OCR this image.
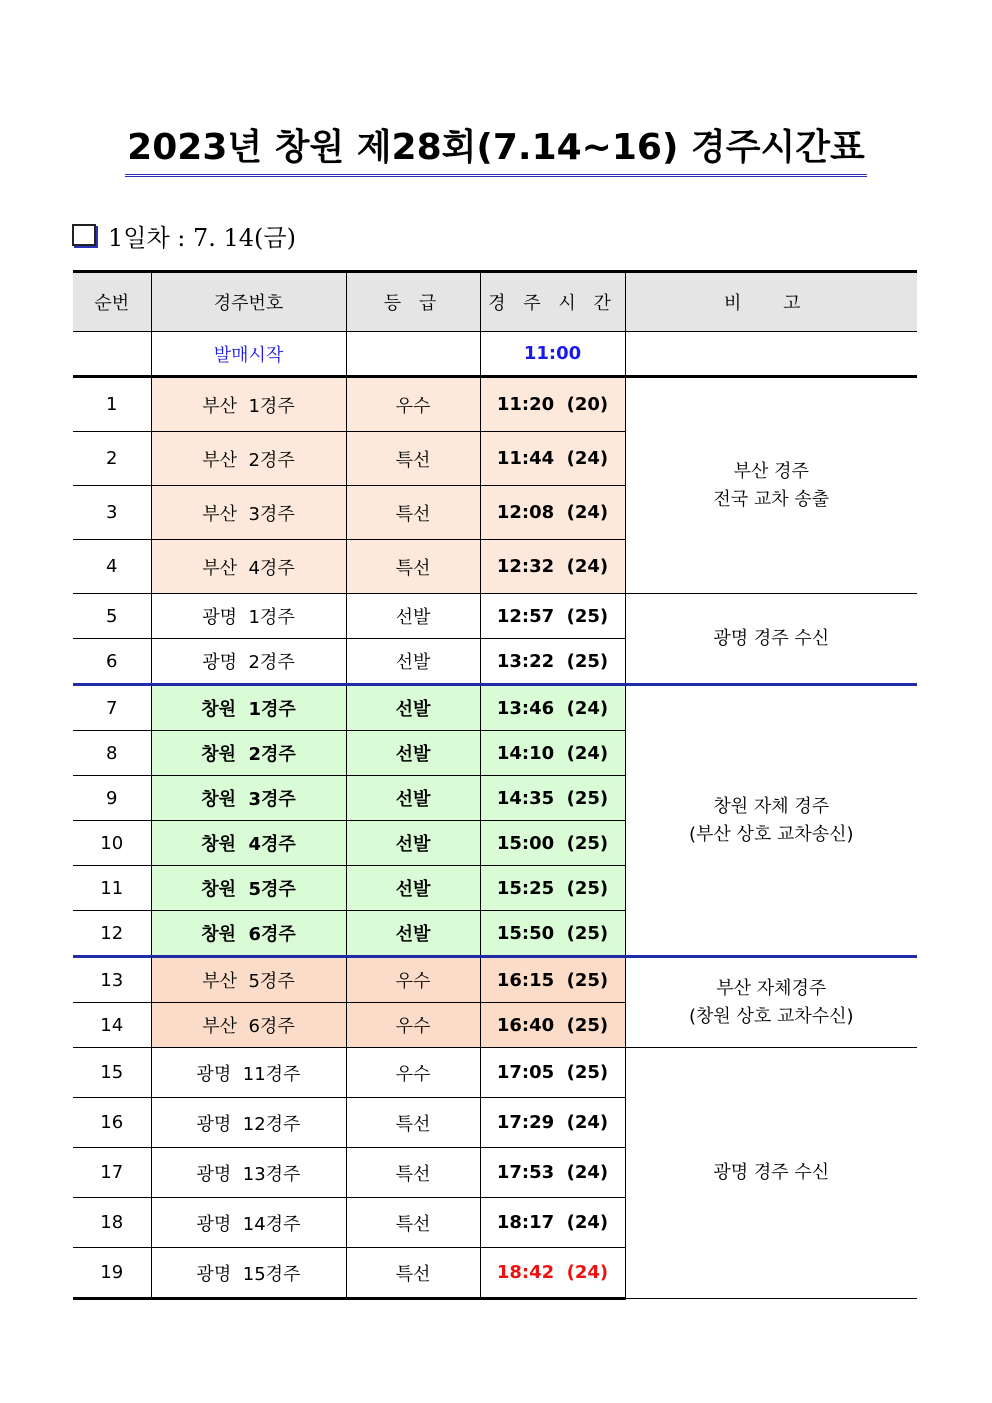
2023년 창원 제28회(7.14~16) 경주시간표
1일차 : 7. 14(금)
순번	경주번호	등 급	경 주 시 간	비 고
	발매시작		11:00	
1	부산  1경주	우수	11:20  (20)	부산 경주
전국 교차 송출

2	부산  2경주	특선	11:44  (24)	
3	부산  3경주	특선	12:08  (24)	
4	부산  4경주	특선	12:32  (24)	
5	광명  1경주	선발	12:57  (25)	광명 경주 수신
6	광명  2경주	선발	13:22  (25)	
7	창원  1경주	선발	13:46  (24)	창원 자체 경주
(부산 상호 교차송신)

8	창원  2경주	선발	14:10  (24)	
9	창원  3경주	선발	14:35  (25)	
10	창원  4경주	선발	15:00  (25)	
11	창원  5경주	선발	15:25  (25)	
12	창원  6경주	선발	15:50  (25)	
13	부산  5경주	우수	16:15  (25)	부산 자체경주
(창원 상호 교차수신)

14	부산  6경주	우수	16:40  (25)	
15	광명  11경주	우수	17:05  (25)	광명 경주 수신
16	광명  12경주	특선	17:29  (24)	
17	광명  13경주	특선	17:53  (24)	
18	광명  14경주	특선	18:17  (24)	
19	광명  15경주	특선	18:42  (24)	
